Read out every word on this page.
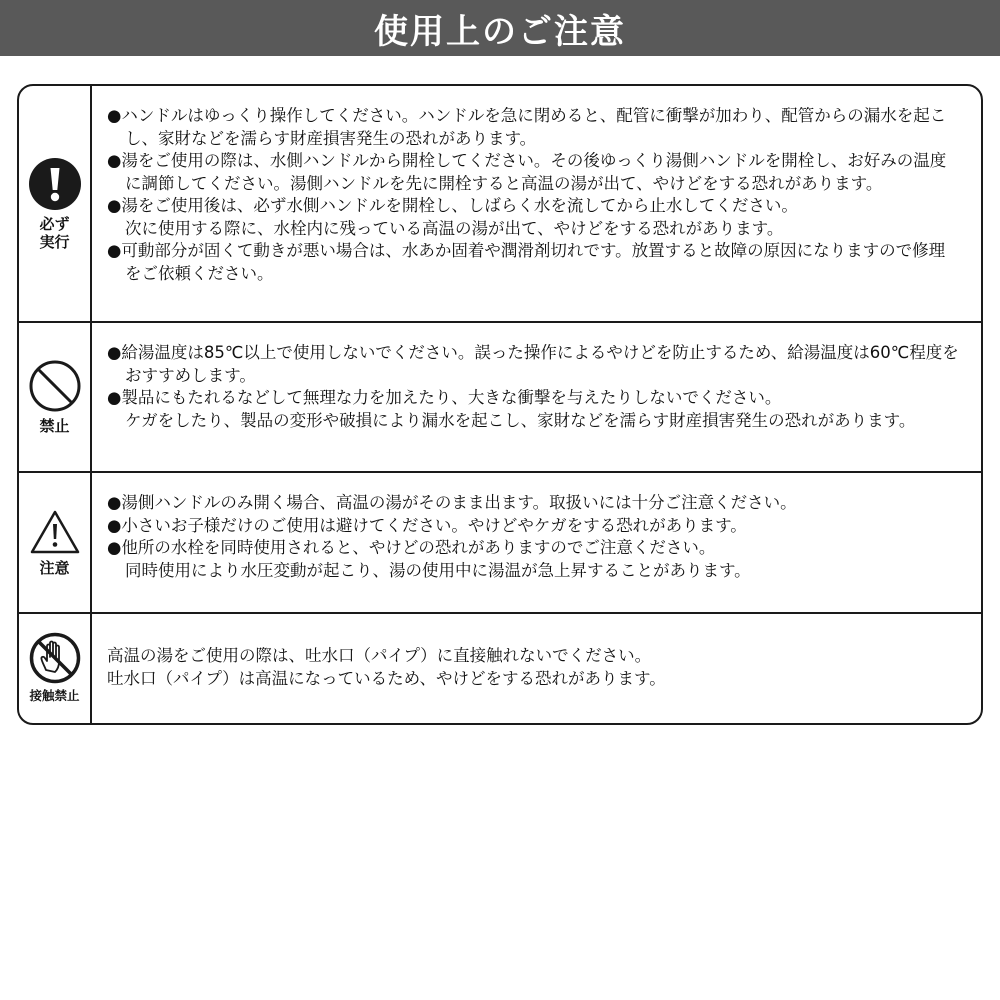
使用上のご注意
必ず
実行

●ハンドルはゆっくり操作してください。ハンドルを急に閉めると、配管に衝撃が加わり、配管からの漏水を起こし、家財などを濡らす財産損害発生の恐れがあります。

●湯をご使用の際は、水側ハンドルから開栓してください。その後ゆっくり湯側ハンドルを開栓し、お好みの温度に調節してください。湯側ハンドルを先に開栓すると高温の湯が出て、やけどをする恐れがあります。

●湯をご使用後は、必ず水側ハンドルを開栓し、しばらく水を流してから止水してください。

次に使用する際に、水栓内に残っている高温の湯が出て、やけどをする恐れがあります。

●可動部分が固くて動きが悪い場合は、水あか固着や潤滑剤切れです。放置すると故障の原因になりますので修理をご依頼ください。

禁止

●給湯温度は85℃以上で使用しないでください。誤った操作によるやけどを防止するため、給湯温度は60℃程度をおすすめします。

●製品にもたれるなどして無理な力を加えたり、大きな衝撃を与えたりしないでください。

ケガをしたり、製品の変形や破損により漏水を起こし、家財などを濡らす財産損害発生の恐れがあります。

注意

●湯側ハンドルのみ開く場合、高温の湯がそのまま出ます。取扱いには十分ご注意ください。

●小さいお子様だけのご使用は避けてください。やけどやケガをする恐れがあります。

●他所の水栓を同時使用されると、やけどの恐れがありますのでご注意ください。

同時使用により水圧変動が起こり、湯の使用中に湯温が急上昇することがあります。

接触禁止

高温の湯をご使用の際は、吐水口（パイプ）に直接触れないでください。

吐水口（パイプ）は高温になっているため、やけどをする恐れがあります。
